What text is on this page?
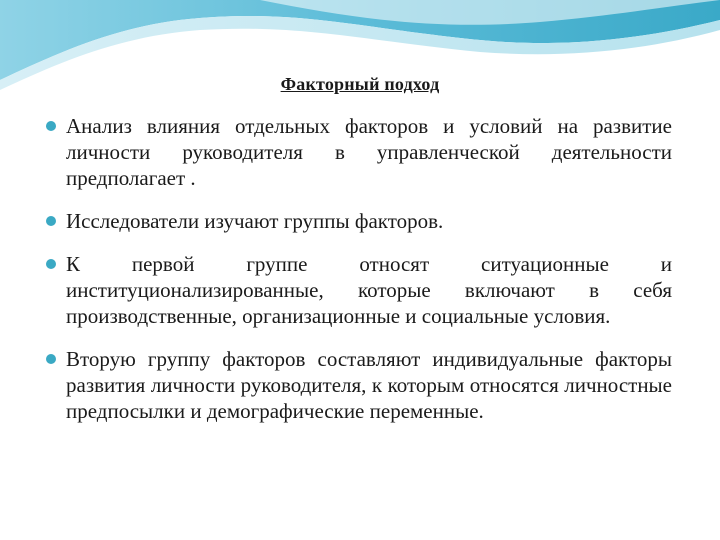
Факторный подход
Анализ влияния отдельных факторов и условий на развитие личности руководителя в управленческой деятельности предполагает .
Исследователи изучают группы факторов.
К первой группе относят ситуационные и институционализированные, которые включают в себя производственные, организационные и социальные условия.
Вторую группу факторов составляют индивидуальные факторы развития личности руководителя, к которым относятся личностные предпосылки и демографические переменные.
